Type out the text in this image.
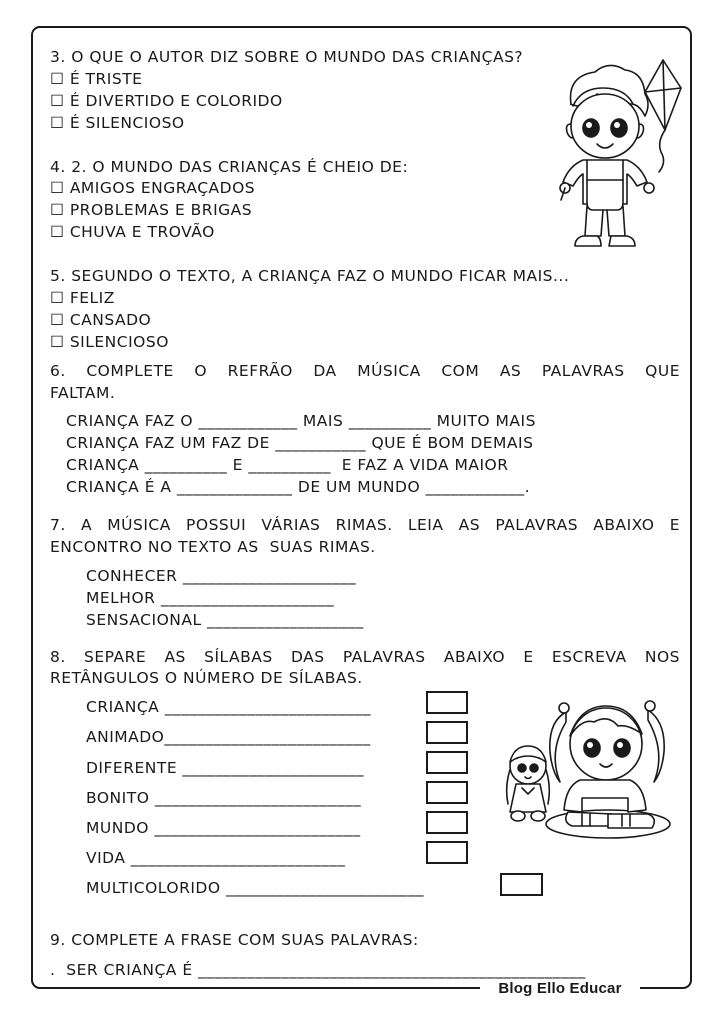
Blog Ello Educar
3. O QUE O AUTOR DIZ SOBRE O MUNDO DAS CRIANÇAS?
☐ É TRISTE
☐ É DIVERTIDO E COLORIDO
☐ É SILENCIOSO
4. 2. O MUNDO DAS CRIANÇAS É CHEIO DE:
☐ AMIGOS ENGRAÇADOS
☐ PROBLEMAS E BRIGAS
☐ CHUVA E TROVÃO
5. SEGUNDO O TEXTO, A CRIANÇA FAZ O MUNDO FICAR MAIS...
☐ FELIZ
☐ CANSADO
☐ SILENCIOSO
6. COMPLETE O REFRÃO DA MÚSICA COM AS PALAVRAS QUE
FALTAM.
CRIANÇA FAZ O ____________ MAIS __________ MUITO MAIS
CRIANÇA FAZ UM FAZ DE ___________ QUE É BOM DEMAIS
CRIANÇA __________ E __________  E FAZ A VIDA MAIOR
CRIANÇA É A ______________ DE UM MUNDO ____________.
7. A MÚSICA POSSUI VÁRIAS RIMAS. LEIA AS PALAVRAS ABAIXO E
ENCONTRO NO TEXTO AS  SUAS RIMAS.
CONHECER _____________________
MELHOR _____________________
SENSACIONAL ___________________
8. SEPARE AS SÍLABAS DAS PALAVRAS ABAIXO E ESCREVA NOS
RETÂNGULOS O NÚMERO DE SÍLABAS.
CRIANÇA _________________________
ANIMADO_________________________
DIFERENTE ______________________
BONITO _________________________
MUNDO _________________________
VIDA __________________________
MULTICOLORIDO ________________________
9. COMPLETE A FRASE COM SUAS PALAVRAS:
.  SER CRIANÇA É _______________________________________________
